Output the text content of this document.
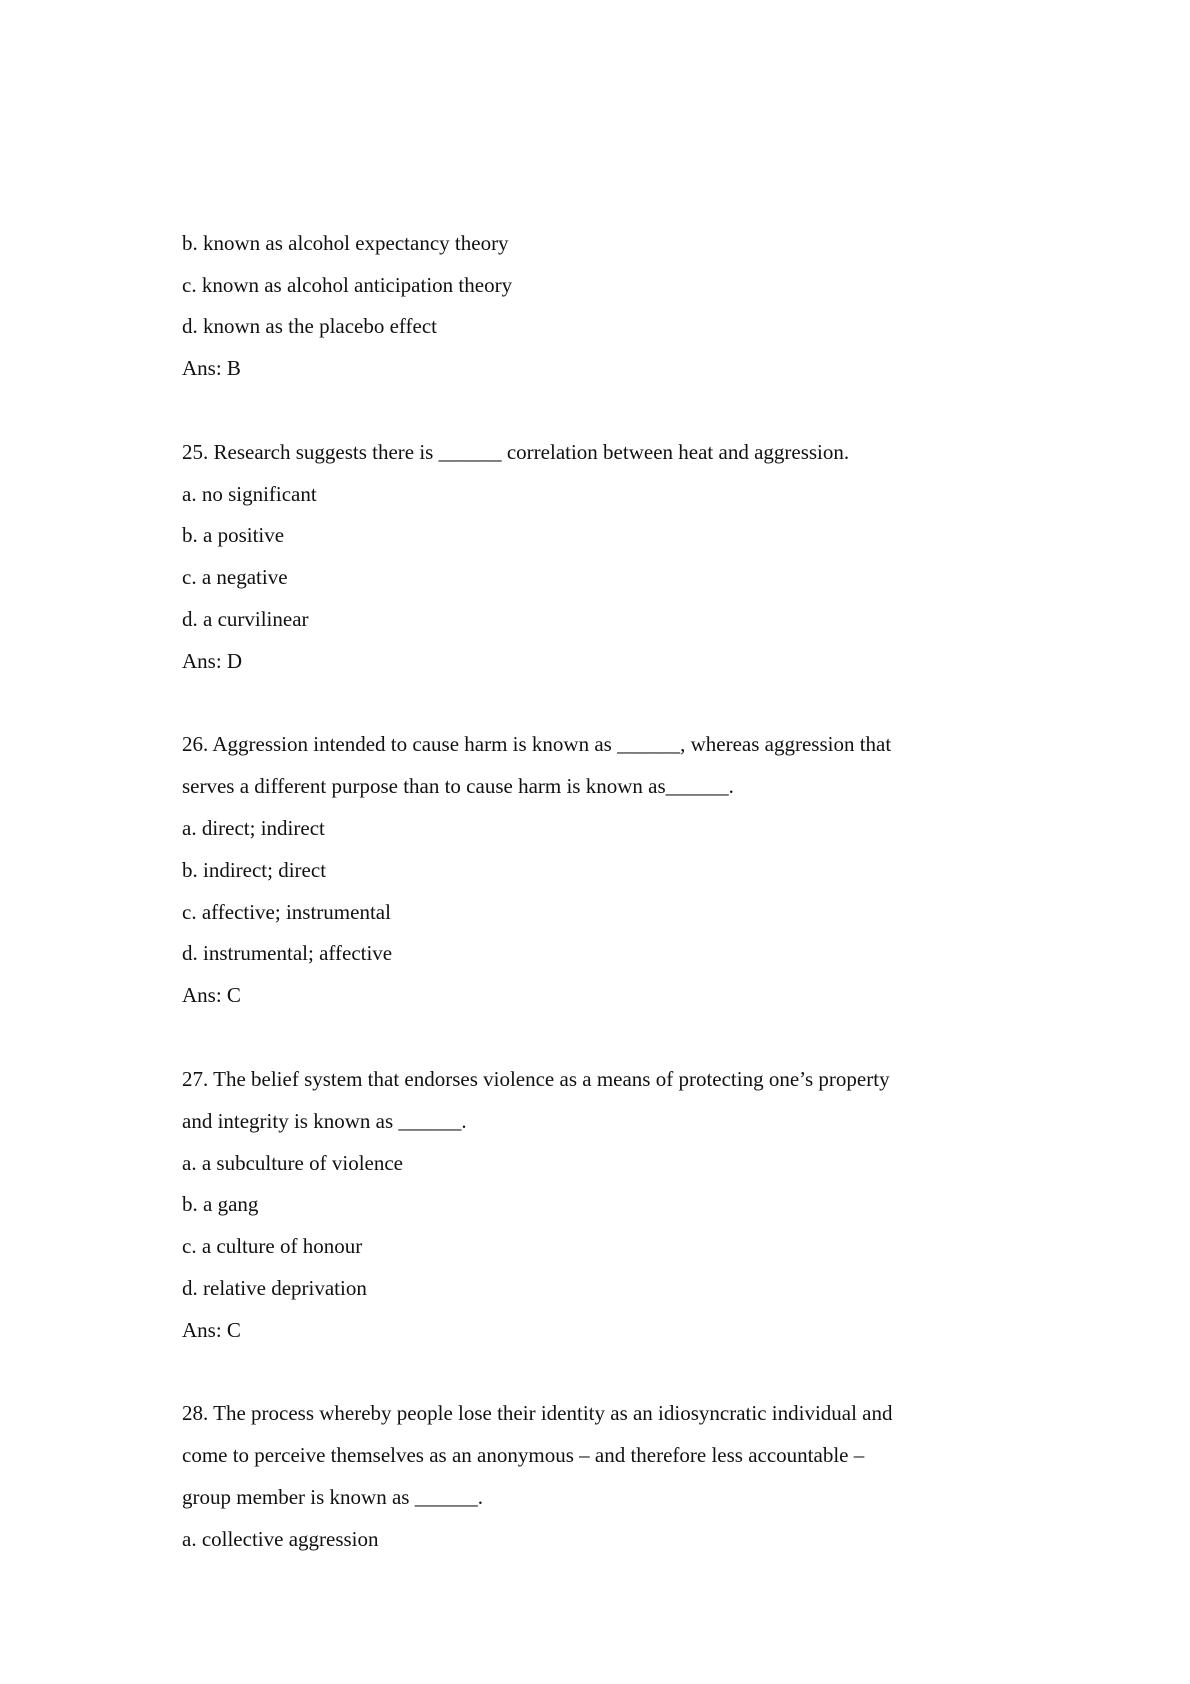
b. known as alcohol expectancy theory
c. known as alcohol anticipation theory
d. known as the placebo effect
Ans: B
25. Research suggests there is ______ correlation between heat and aggression.
a. no significant
b. a positive
c. a negative
d. a curvilinear
Ans: D
26. Aggression intended to cause harm is known as ______, whereas aggression that
serves a different purpose than to cause harm is known as______.
a. direct; indirect
b. indirect; direct
c. affective; instrumental
d. instrumental; affective
Ans: C
27. The belief system that endorses violence as a means of protecting one’s property
and integrity is known as ______.
a. a subculture of violence
b. a gang
c. a culture of honour
d. relative deprivation
Ans: C
28. The process whereby people lose their identity as an idiosyncratic individual and
come to perceive themselves as an anonymous – and therefore less accountable –
group member is known as ______.
a. collective aggression
